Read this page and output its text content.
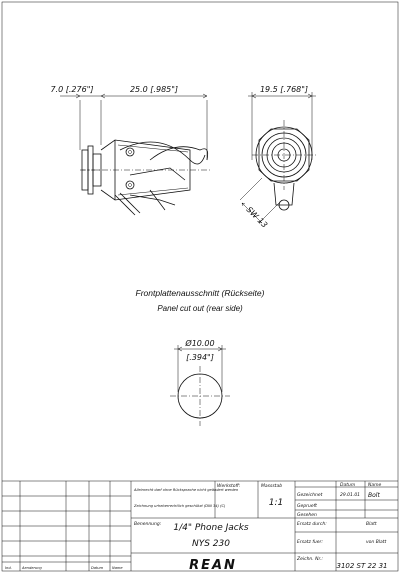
7.0 [.276"]	25.0 [.985"]	19.5 [.768"]
SW 13
Frontplattenausschnitt (Rückseite)
Panel cut out (rear side)
Ø10.00
[.394"]
Alleinrecht darf ohne Rücksprache nicht geändert werden
Zeichnung urheberrechtlich geschützt (DIN 34) (C)
Werkstoff:	Massstab
1:1
Datum	Name
Gezeichnet	29.01.01 Bolt
Geprueft
Gesehen
Benennung: 1/4" Phone Jacks
NYS 230
Ersatz durch:
Ersatz fuer:
Blatt
von Blatt
Zeichn. Nr.:
3102 ST 22 31
REAN
Ind.	Aenderung	Datum Name
